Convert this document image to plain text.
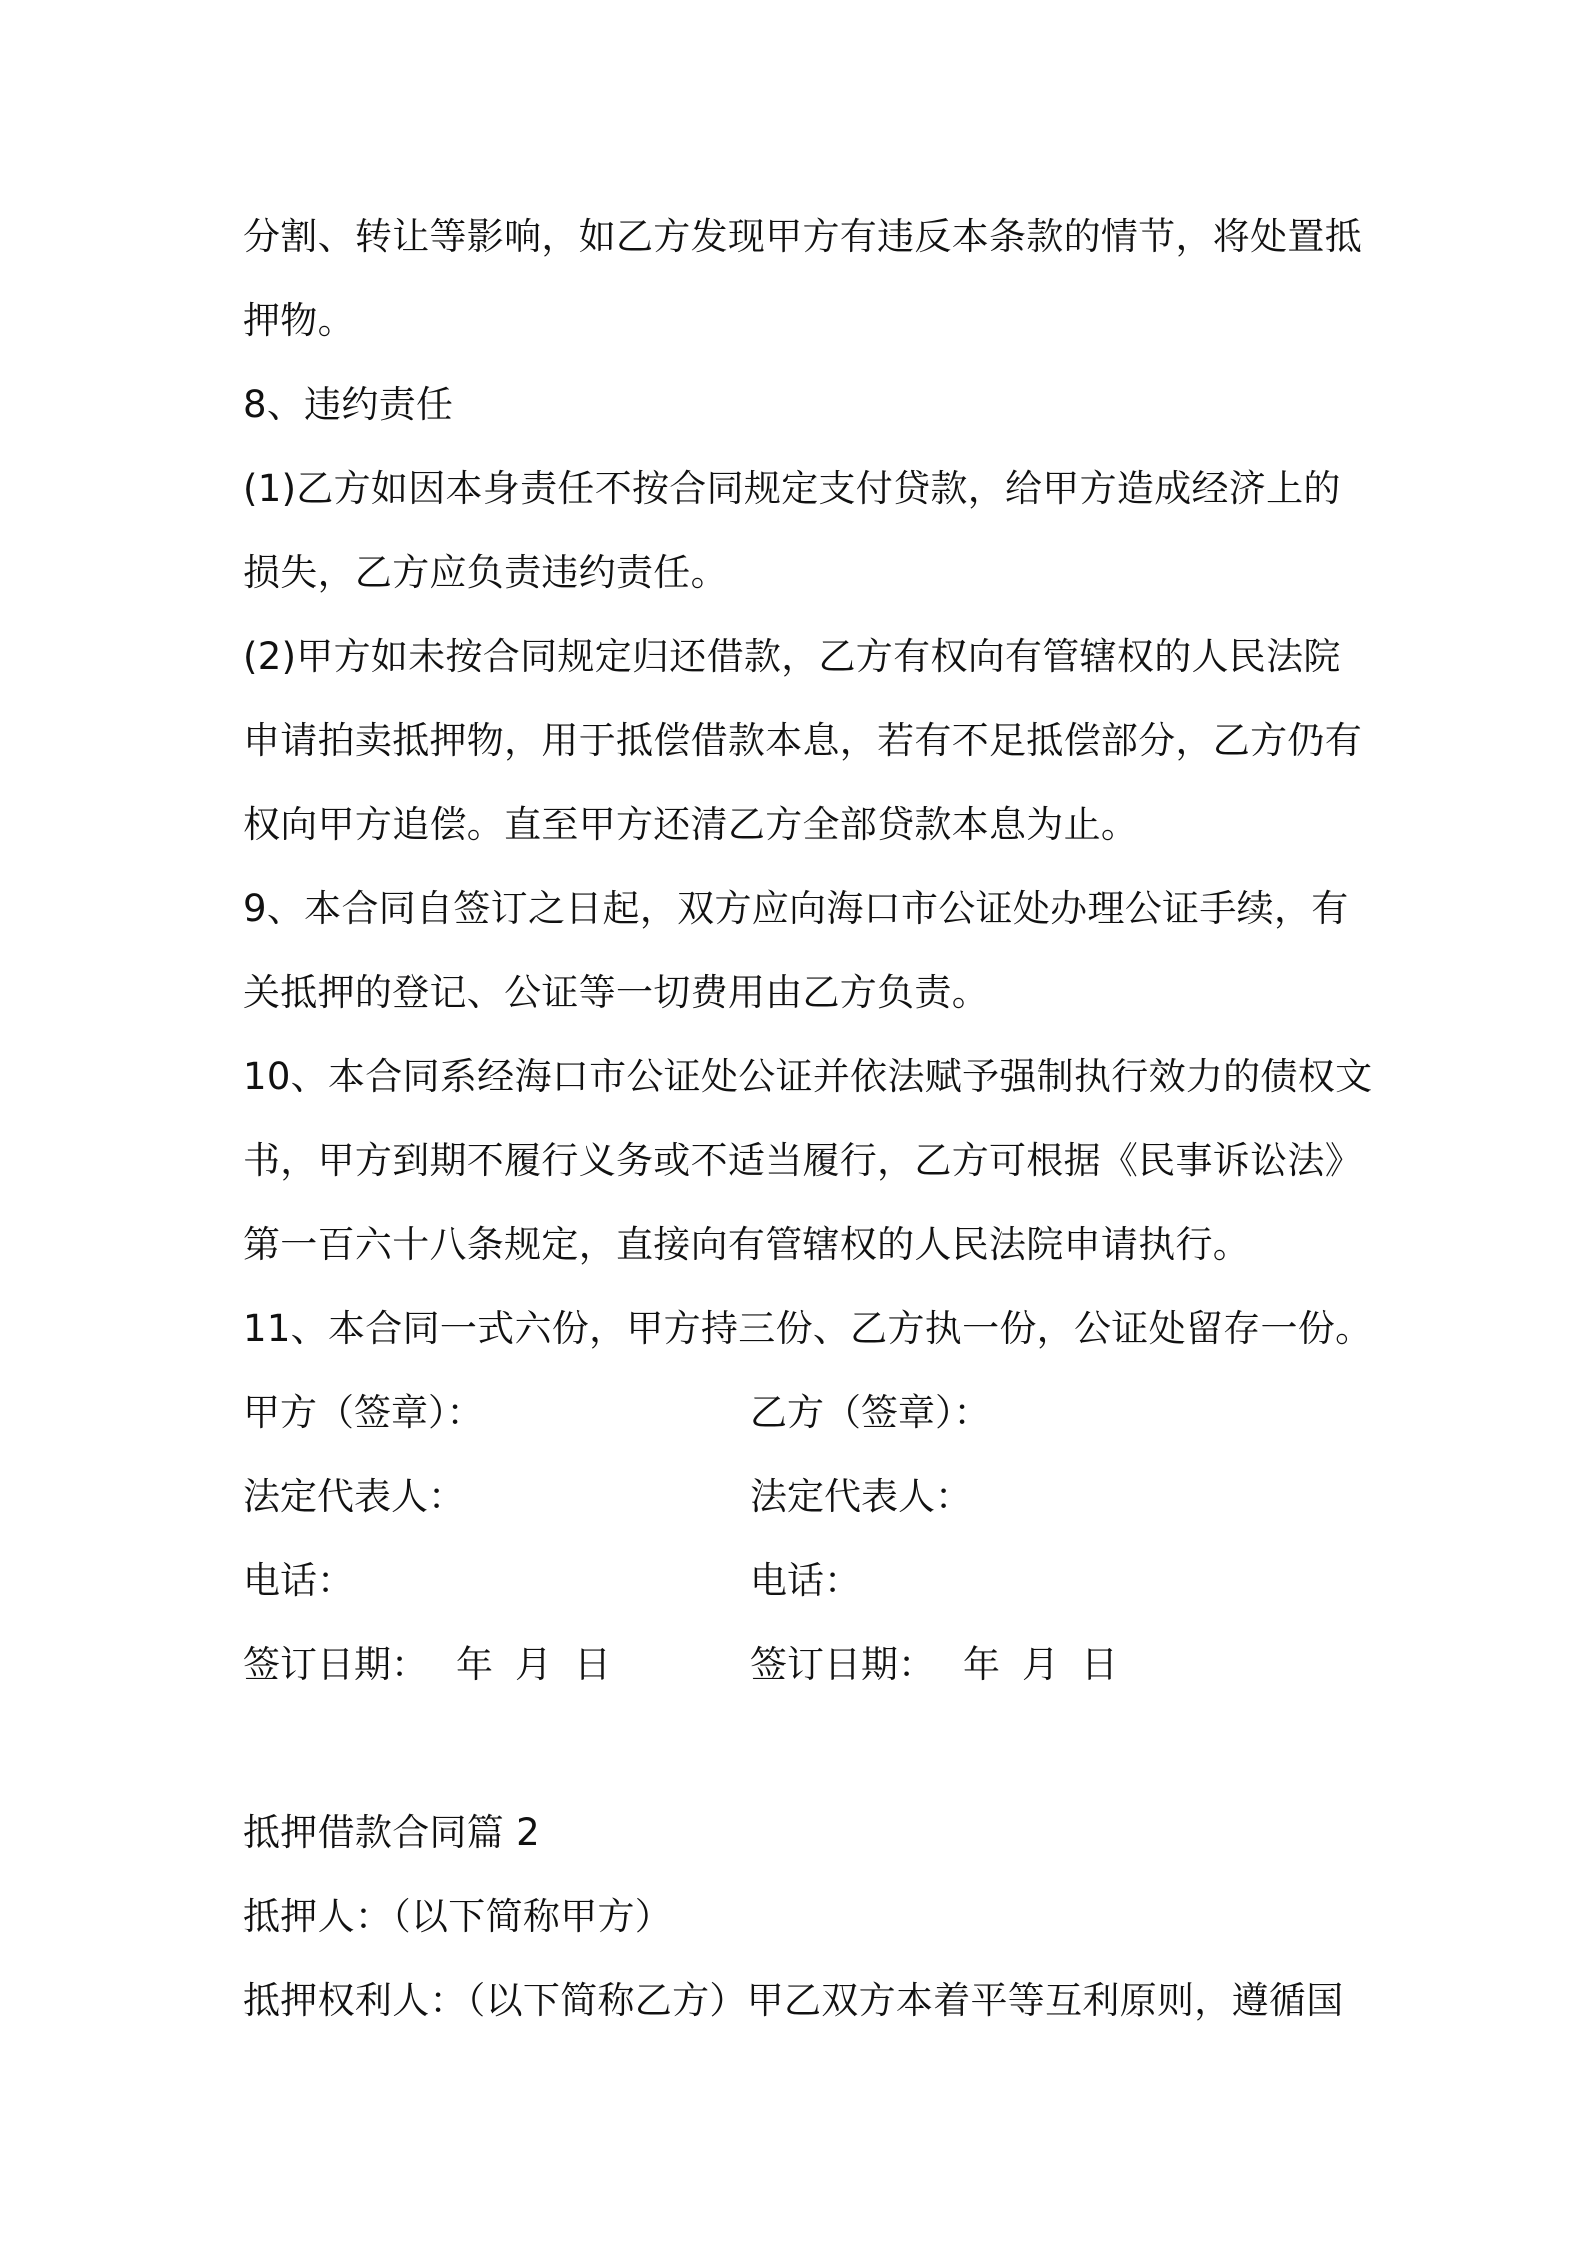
分割、转让等影响，如乙方发现甲方有违反本条款的情节，将处置抵
押物。
8、违约责任
(1)乙方如因本身责任不按合同规定支付贷款，给甲方造成经济上的
损失，乙方应负责违约责任。
(2)甲方如未按合同规定归还借款，乙方有权向有管辖权的人民法院
申请拍卖抵押物，用于抵偿借款本息，若有不足抵偿部分，乙方仍有
权向甲方追偿。直至甲方还清乙方全部贷款本息为止。
9、本合同自签订之日起，双方应向海口市公证处办理公证手续，有
关抵押的登记、公证等一切费用由乙方负责。
10、本合同系经海口市公证处公证并依法赋予强制执行效力的债权文
书，甲方到期不履行义务或不适当履行，乙方可根据《民事诉讼法》
第一百六十八条规定，直接向有管辖权的人民法院申请执行。
11、本合同一式六份，甲方持三份、乙方执一份，公证处留存一份。
甲方（签章）：	乙方（签章）：
法定代表人：	法定代表人：
电话：	电话：
签订日期： 年 月 日	签订日期： 年 月 日
抵押借款合同篇 2
抵押人：（以下简称甲方）
抵押权利人：（以下简称乙方）甲乙双方本着平等互利原则，遵循国
